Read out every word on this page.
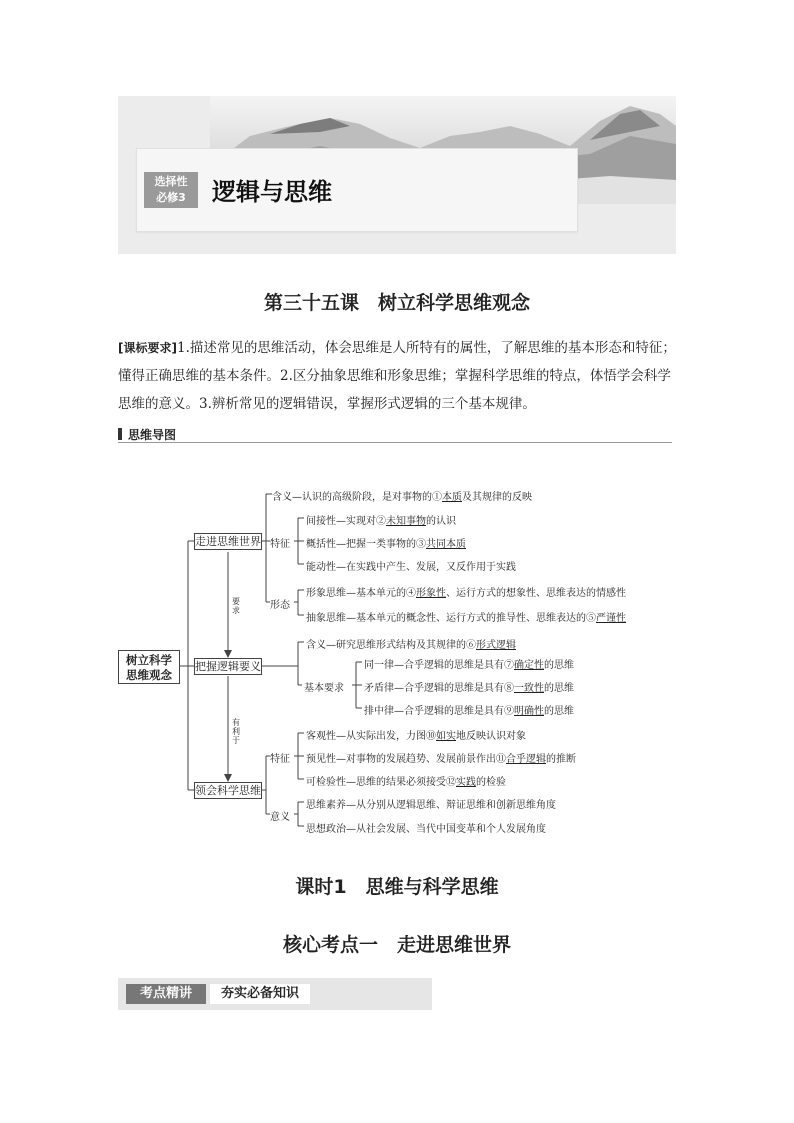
选择性
必修3	逻辑与思维
第三十五课　树立科学思维观念
[课标要求]1.描述常见的思维活动，体会思维是人所特有的属性，了解思维的基本形态和特征；懂得正确思维的基本条件。2.区分抽象思维和形象思维；掌握科学思维的特点，体悟学会科学思维的意义。3.辨析常见的逻辑错误，掌握形式逻辑的三个基本规律。
思维导图
树立科学
思维观念
走进思维世界
把握逻辑要义
领会科学思维
要
求
有
利
于
含义—认识的高级阶段，是对事物的①本质及其规律的反映
特征
间接性—实现对②未知事物的认识
概括性—把握一类事物的③共同本质
能动性—在实践中产生、发展，又反作用于实践
形态
形象思维—基本单元的④形象性、运行方式的想象性、思维表达的情感性
抽象思维—基本单元的概念性、运行方式的推导性、思维表达的⑤严谨性
含义—研究思维形式结构及其规律的⑥形式逻辑
基本要求
同一律—合乎逻辑的思维是具有⑦确定性的思维
矛盾律—合乎逻辑的思维是具有⑧一致性的思维
排中律—合乎逻辑的思维是具有⑨明确性的思维
特征
客观性—从实际出发，力图⑩如实地反映认识对象
预见性—对事物的发展趋势、发展前景作出⑪合乎逻辑的推断
可检验性—思维的结果必须接受⑫实践的检验
意义
思维素养—从分别从逻辑思维、辩证思维和创新思维角度
思想政治—从社会发展、当代中国变革和个人发展角度
课时1　思维与科学思维
核心考点一　走进思维世界
考点精讲	夯实必备知识
